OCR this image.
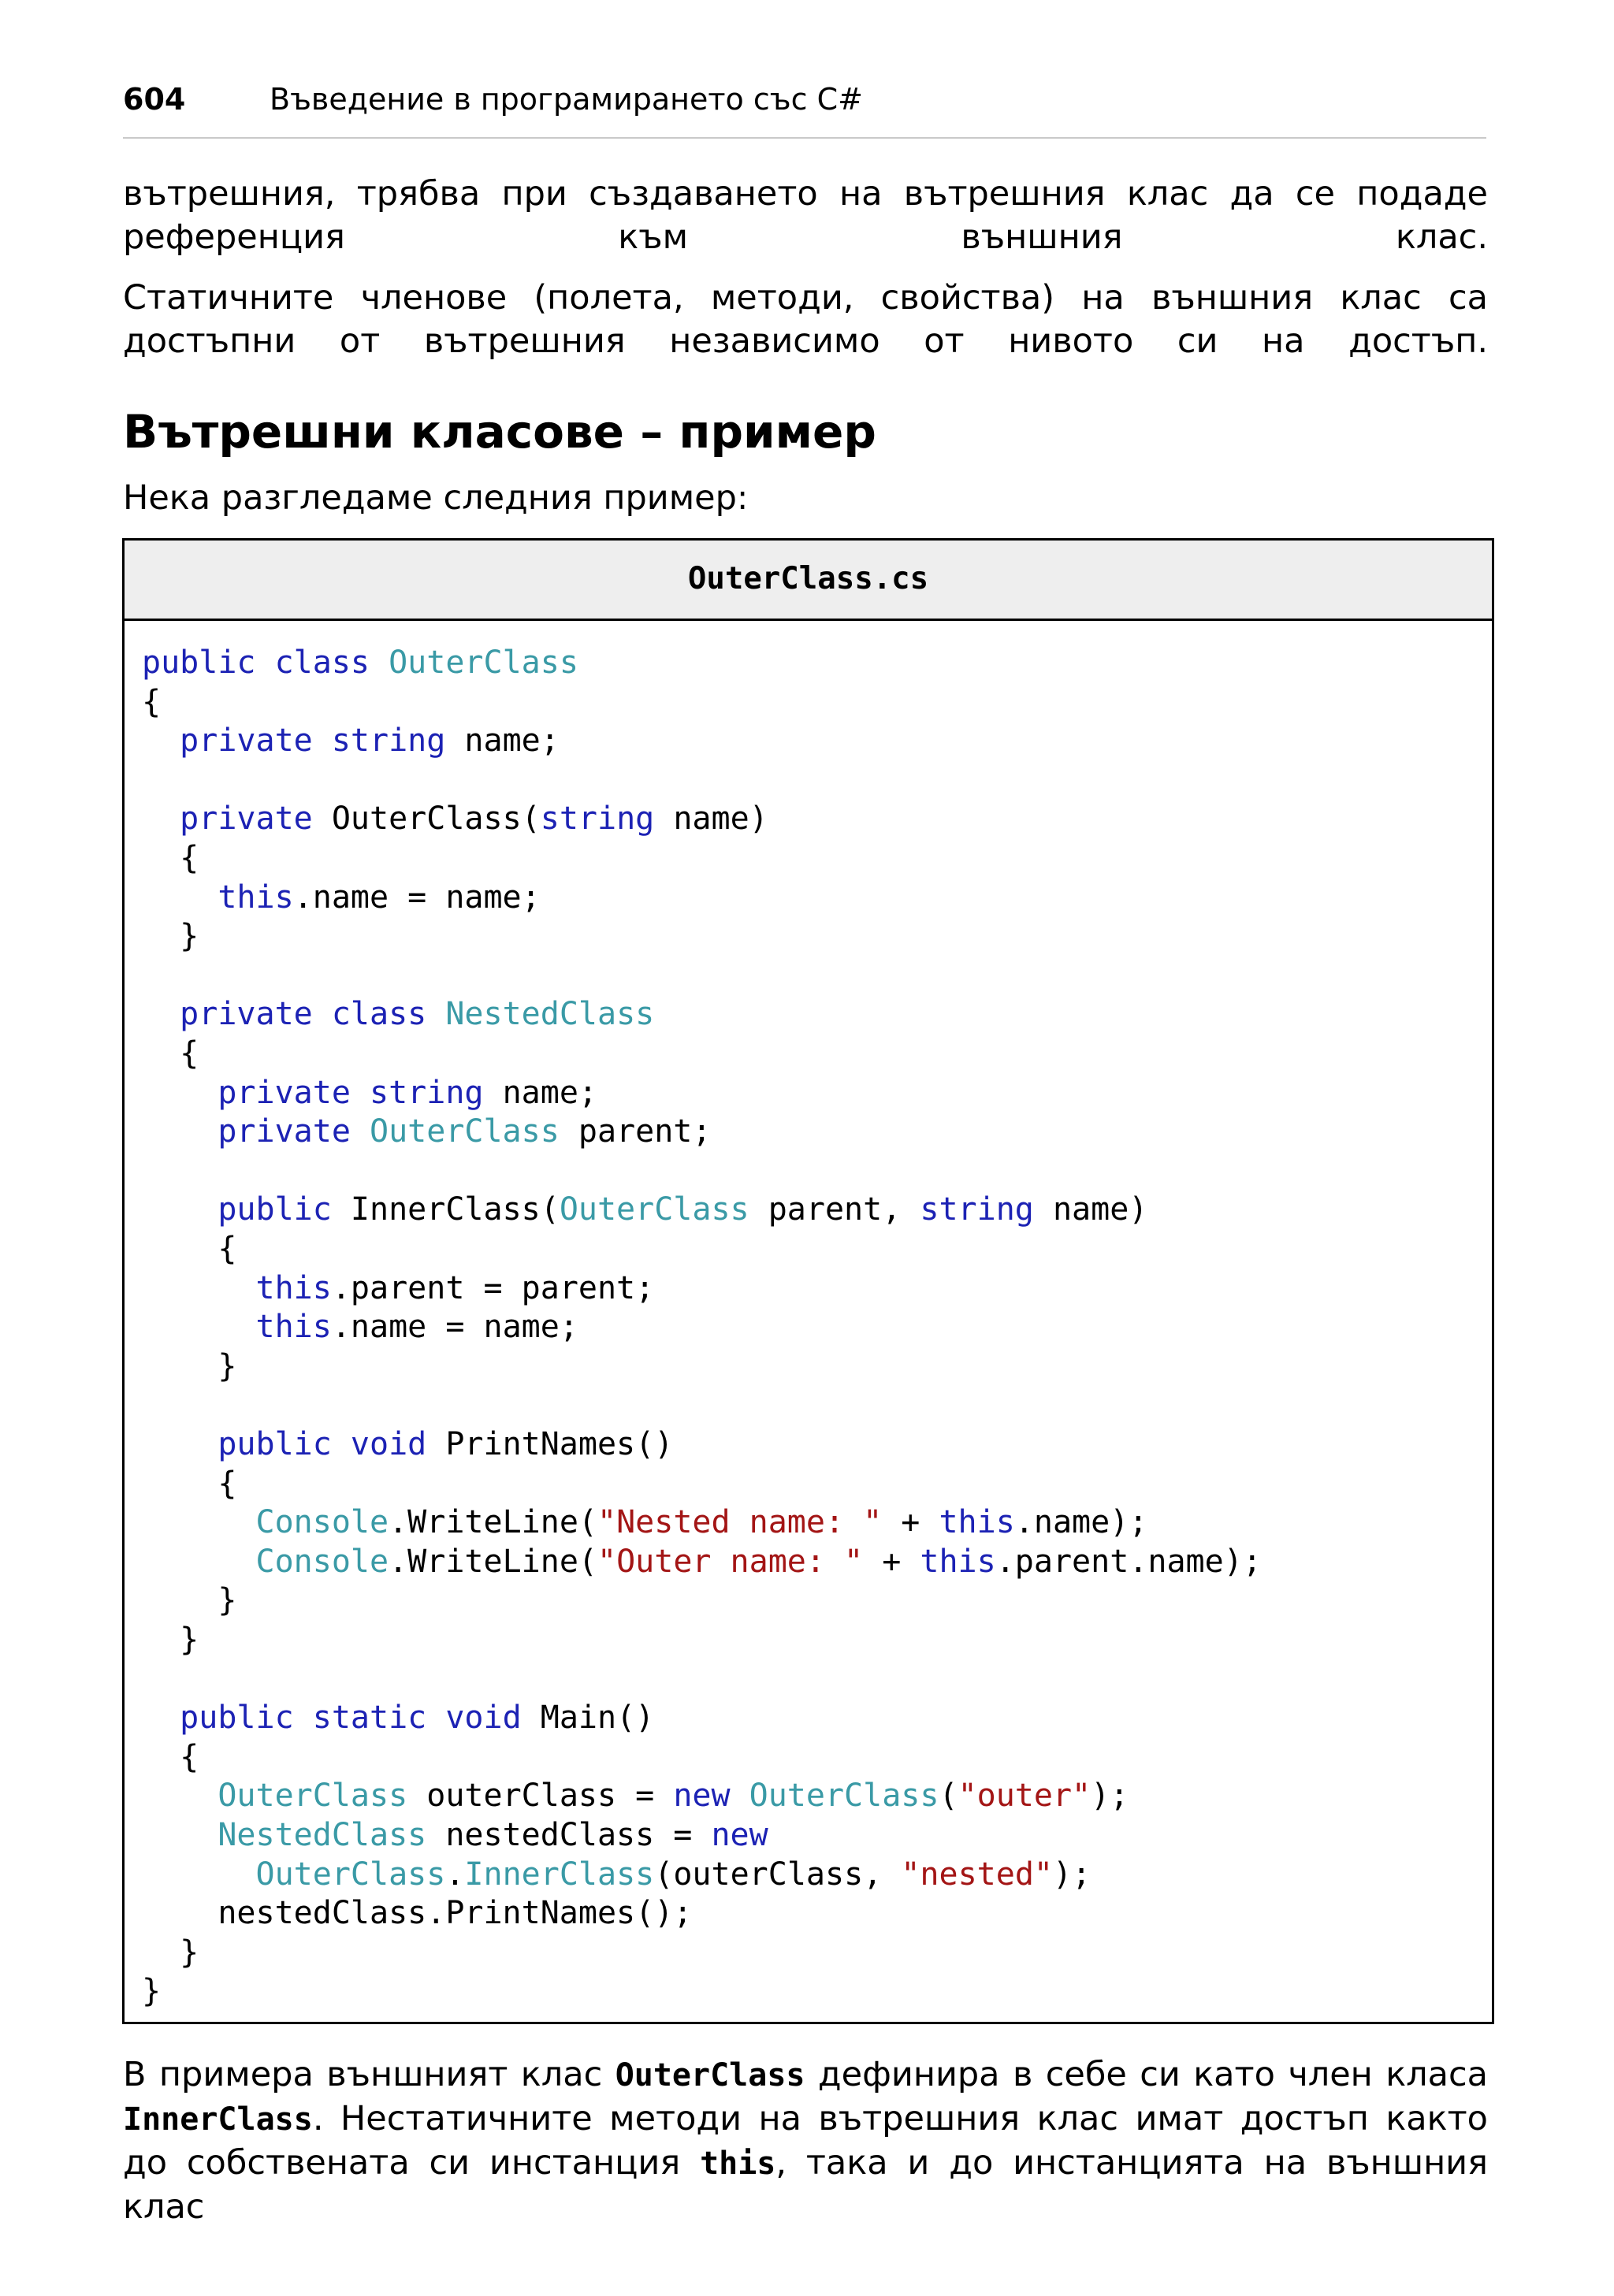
604	Въведение в програмирането със C#

вътрешния, трябва при създаването на вътрешния клас да се подаде референция към външния клас.

Статичните членове (полета, методи, свойства) на външния клас са достъпни от вътрешния независимо от нивото си на достъп.

Вътрешни класове – пример

Нека разгледаме следния пример:

OuterClass.cs
public class OuterClass
{
private string name;
private OuterClass(string name)
{
this.name = name;
}
private class NestedClass
{
private string name;
private OuterClass parent;
public InnerClass(OuterClass parent, string name)
{
this.parent = parent;
this.name = name;
}
public void PrintNames()
{
Console.WriteLine("Nested name: " + this.name);
Console.WriteLine("Outer name: " + this.parent.name);
}
}
public static void Main()
{
OuterClass outerClass = new OuterClass("outer");
NestedClass nestedClass = new
OuterClass.InnerClass(outerClass, "nested");
nestedClass.PrintNames();
}
}

В примера външният клас OuterClass дефинира в себе си като член класа InnerClass. Нестатичните методи на вътрешния клас имат достъп както до собствената си инстанция this, така и до инстанцията на външния клас
